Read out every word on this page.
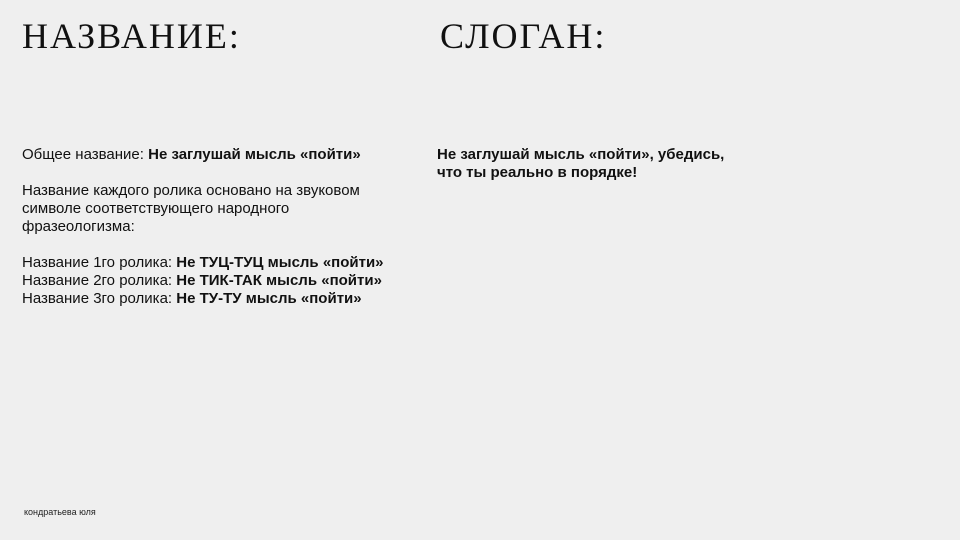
НАЗВАНИЕ:	СЛОГАН:

Общее название: Не заглушай мысль «пойти»

Название каждого ролика основано на звуковом символе соответствующего народного фразеологизма:

Название 1го ролика: Не ТУЦ-ТУЦ мысль «пойти»

Название 2го ролика: Не ТИК-ТАК мысль «пойти»

Название 3го ролика: Не ТУ-ТУ мысль «пойти»

Не заглушай мысль «пойти», убедись,

что ты реально в порядке!

кондратьева юля
